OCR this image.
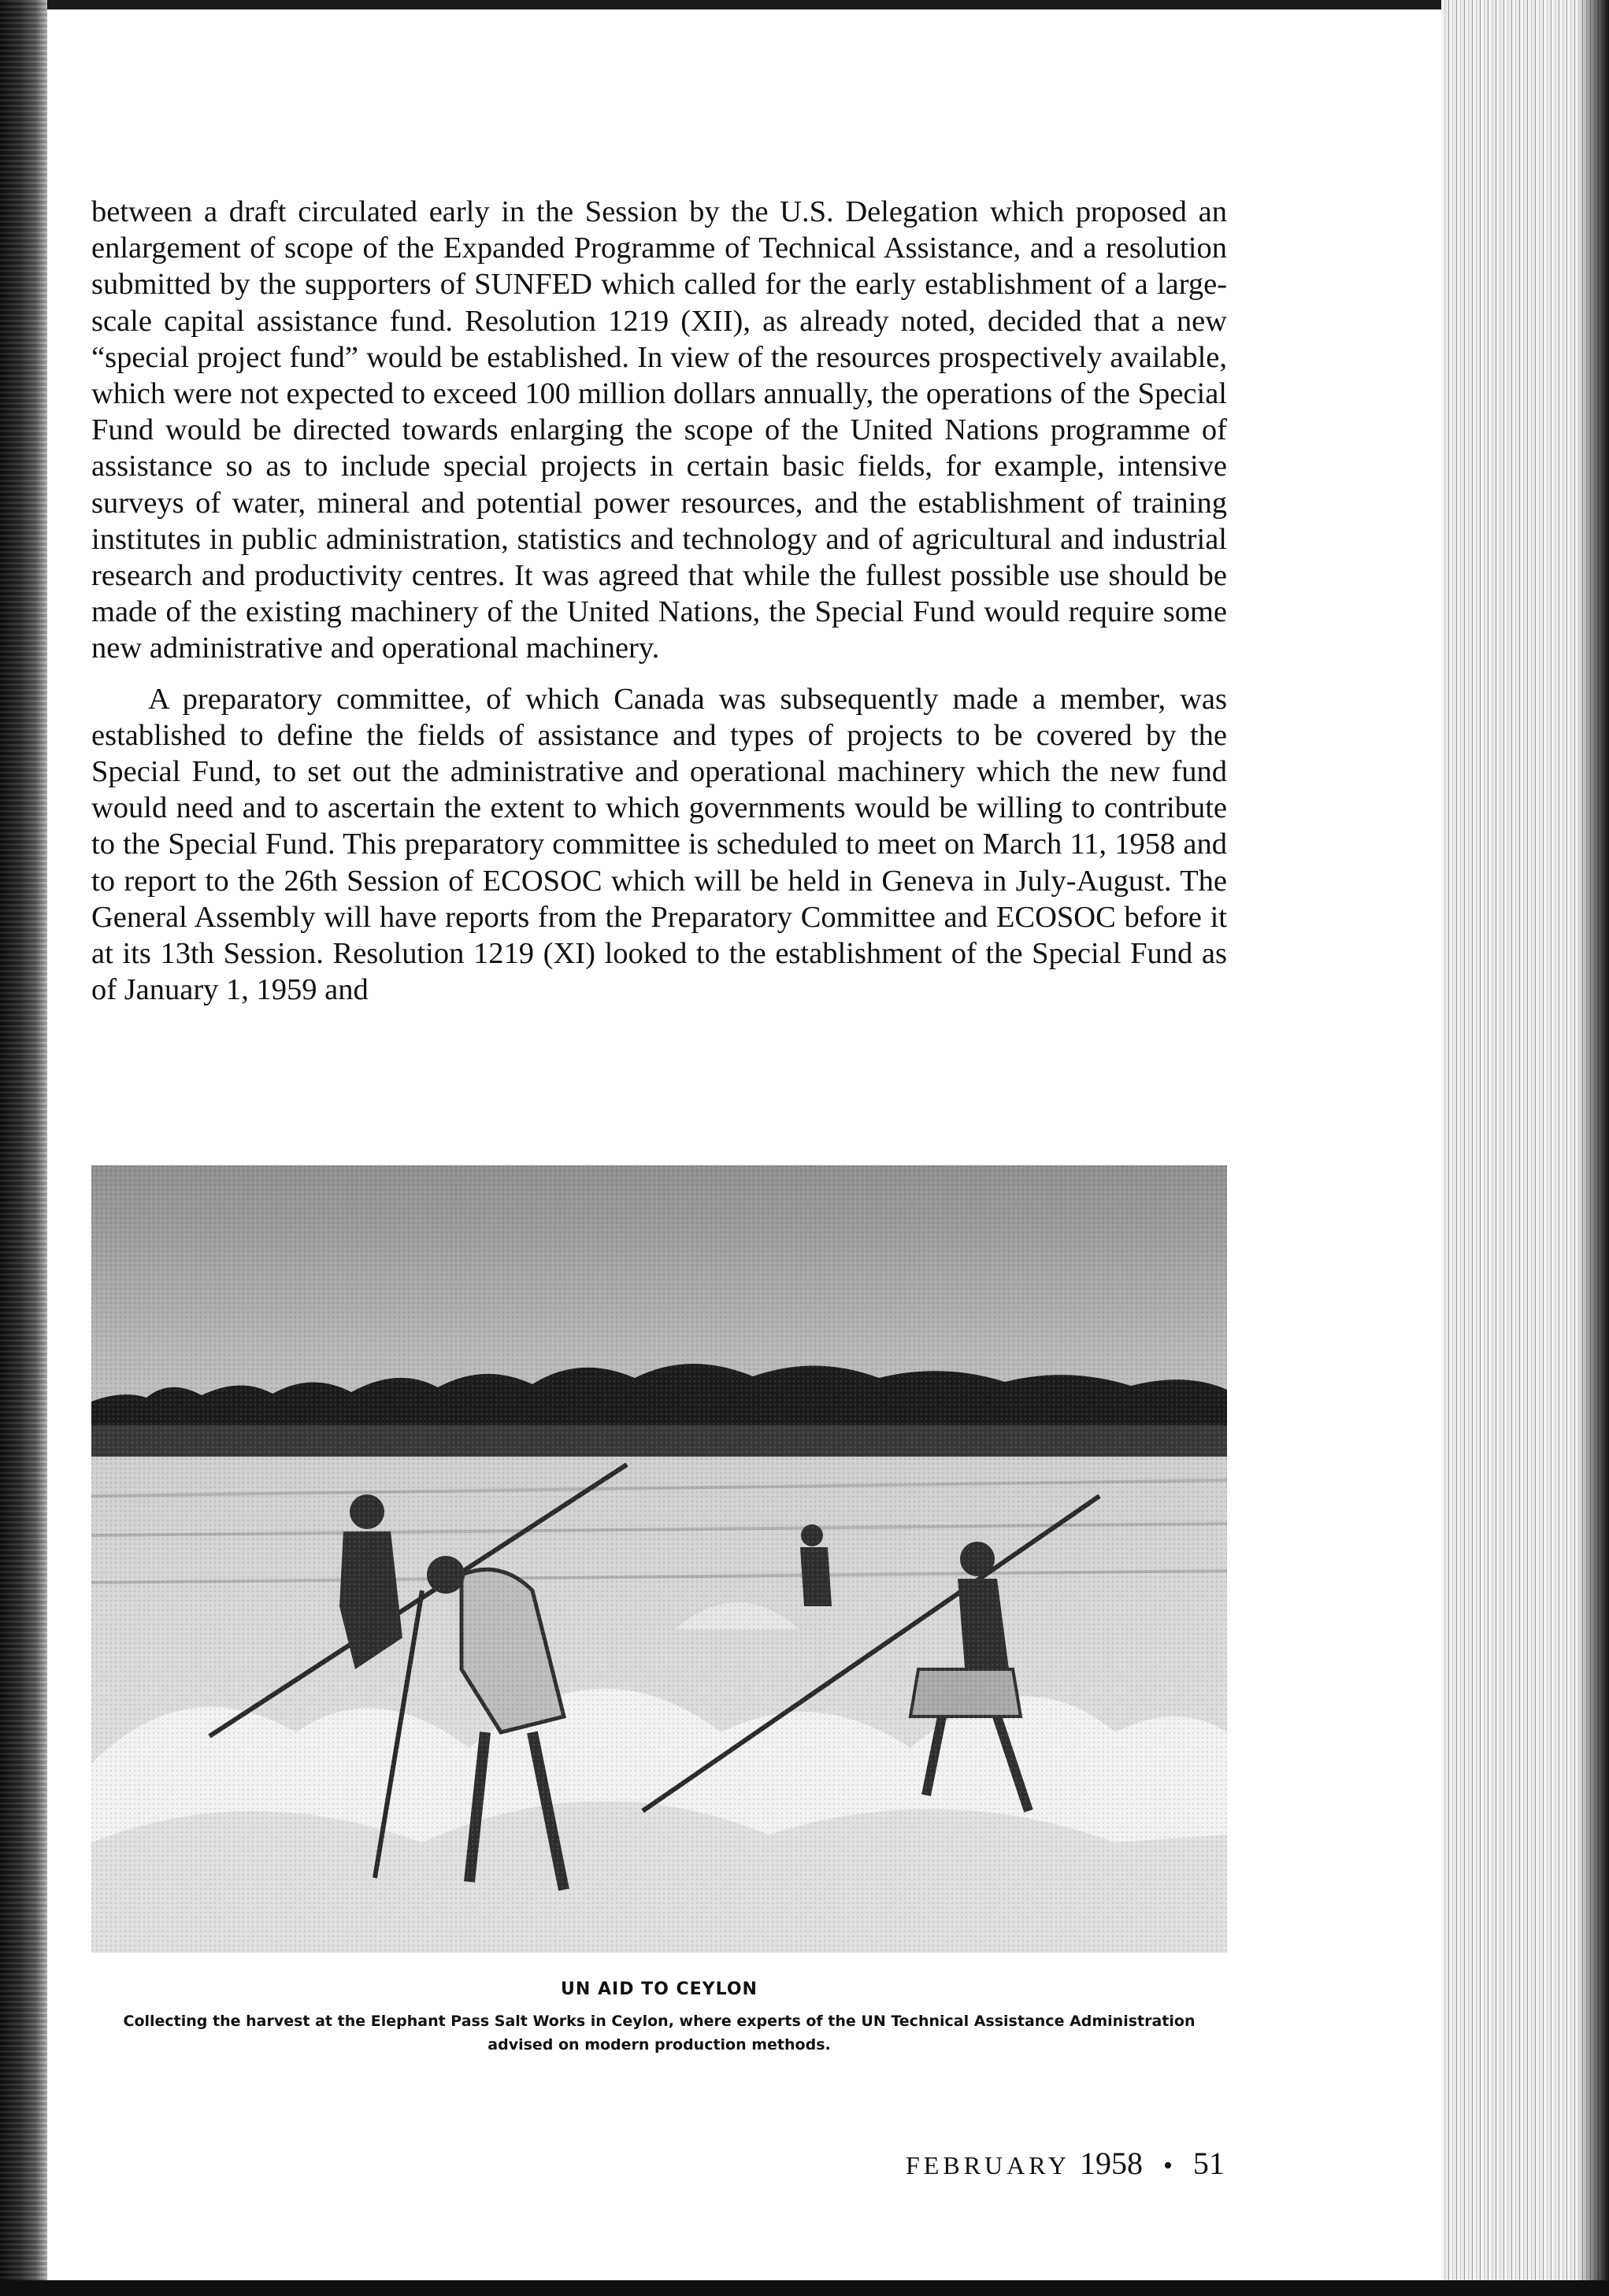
between a draft circulated early in the Session by the U.S. Delegation which proposed an enlargement of scope of the Expanded Programme of Technical Assistance, and a resolution submitted by the supporters of SUNFED which called for the early establishment of a large-scale capital assistance fund. Resolution 1219 (XII), as already noted, decided that a new “special project fund” would be established. In view of the resources prospectively available, which were not expected to exceed 100 million dollars annually, the operations of the Special Fund would be directed towards enlarging the scope of the United Nations programme of assistance so as to include special projects in certain basic fields, for example, intensive surveys of water, mineral and potential power resources, and the establishment of training institutes in public administration, statistics and technology and of agricultural and industrial research and productivity centres. It was agreed that while the fullest possible use should be made of the existing machinery of the United Nations, the Special Fund would require some new administrative and operational machinery.

A preparatory committee, of which Canada was subsequently made a member, was established to define the fields of assistance and types of projects to be covered by the Special Fund, to set out the administrative and operational machinery which the new fund would need and to ascertain the extent to which governments would be willing to contribute to the Special Fund. This preparatory committee is scheduled to meet on March 11, 1958 and to report to the 26th Session of ECOSOC which will be held in Geneva in July-August. The General Assembly will have reports from the Preparatory Committee and ECOSOC before it at its 13th Session. Resolution 1219 (XI) looked to the establishment of the Special Fund as of January 1, 1959 and

UN AID TO CEYLON
Collecting the harvest at the Elephant Pass Salt Works in Ceylon, where experts of the UN Technical Assistance Administration advised on modern production methods.
FEBRUARY 1958 • 51
